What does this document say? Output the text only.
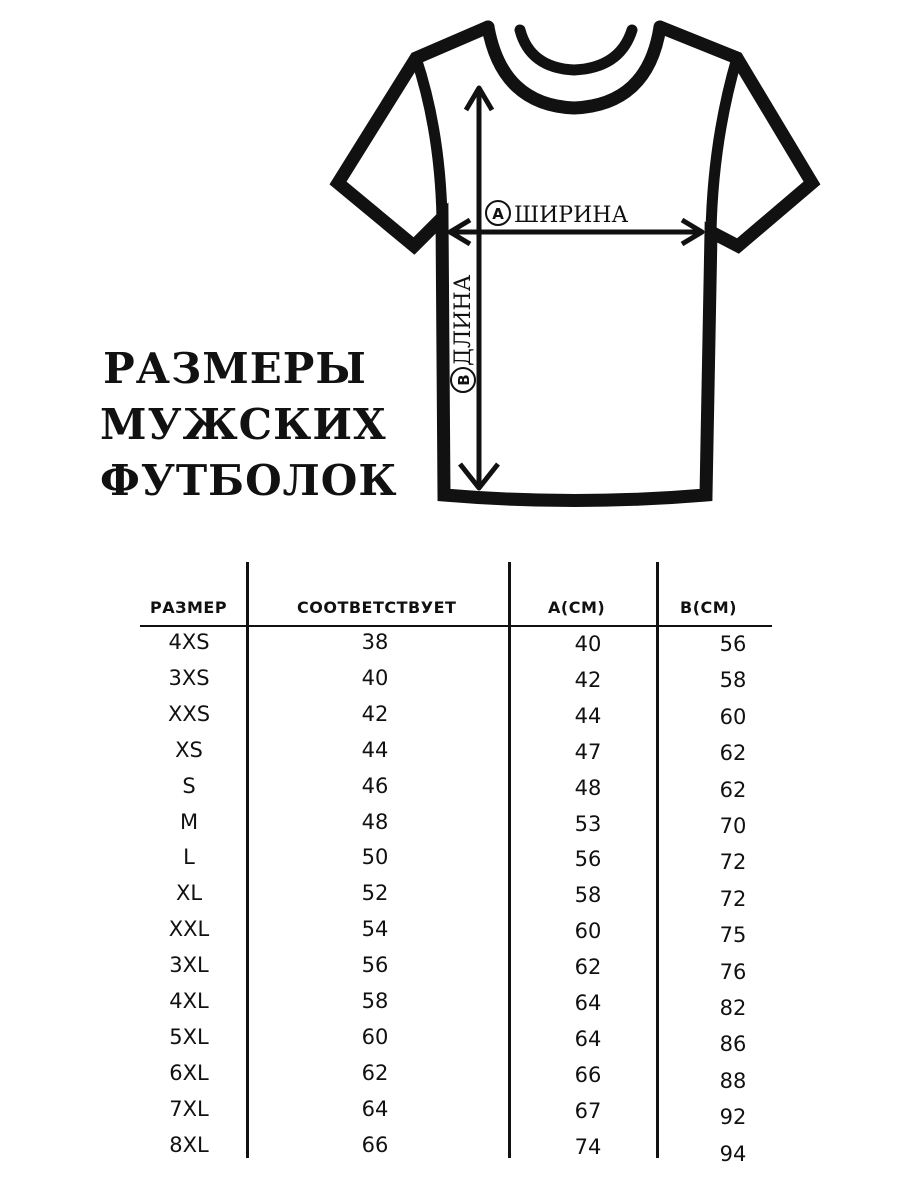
A ШИРИНА
B
ДЛИНА
РАЗМЕРЫ
МУЖСКИХ
ФУТБОЛОК
РАЗМЕР	СООТВЕТСТВУЕТ	А(СМ)	В(СМ)
4XS	38	40	56
3XS	40	42	58
XXS	42	44	60
XS	44	47	62
S	46	48	62
M	48	53	70
L	50	56	72
XL	52	58	72
XXL	54	60	75
3XL	56	62	76
4XL	58	64	82
5XL	60	64	86
6XL	62	66	88
7XL	64	67	92
8XL	66	74	94
